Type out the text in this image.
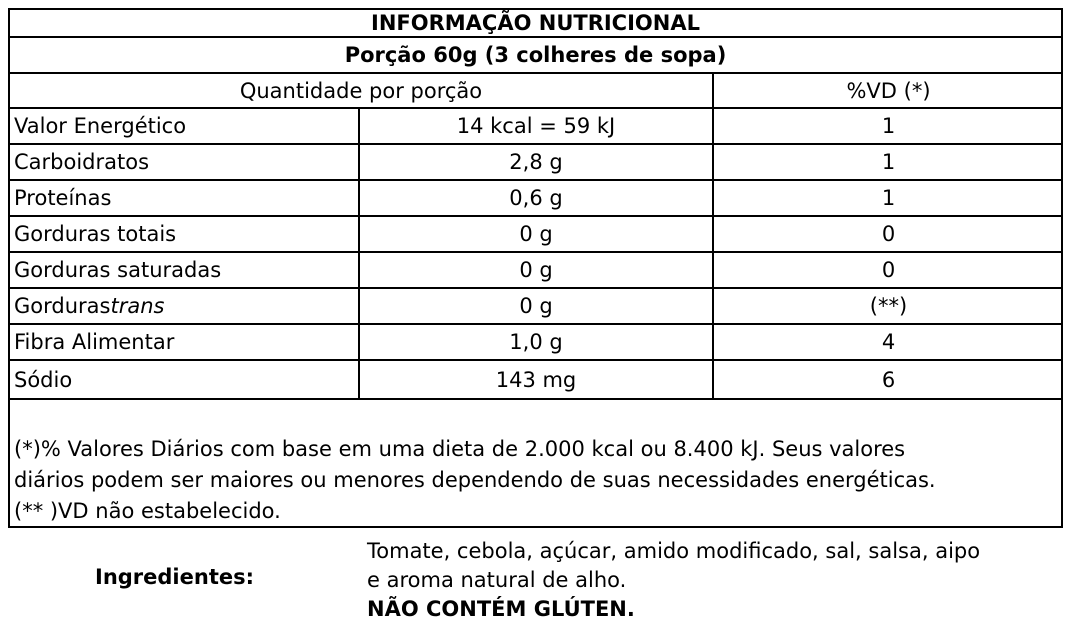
INFORMAÇÃO NUTRICIONAL
Porção 60g (3 colheres de sopa)
Quantidade por porção	%VD (*)
Valor Energético	14 kcal = 59 kJ	1
Carboidratos	2,8 g	1
Proteínas	0,6 g	1
Gorduras totais	0 g	0
Gorduras saturadas	0 g	0
Gorduras trans	0 g	(**)
Fibra Alimentar	1,0 g	4
Sódio	143 mg	6
(*)% Valores Diários com base em uma dieta de 2.000 kcal ou 8.400 kJ. Seus valores
diários podem ser maiores ou menores dependendo de suas necessidades energéticas.
(** )VD não estabelecido.
Ingredientes:
Tomate, cebola, açúcar, amido modificado, sal, salsa, aipo
e aroma natural de alho.
NÃO CONTÉM GLÚTEN.
